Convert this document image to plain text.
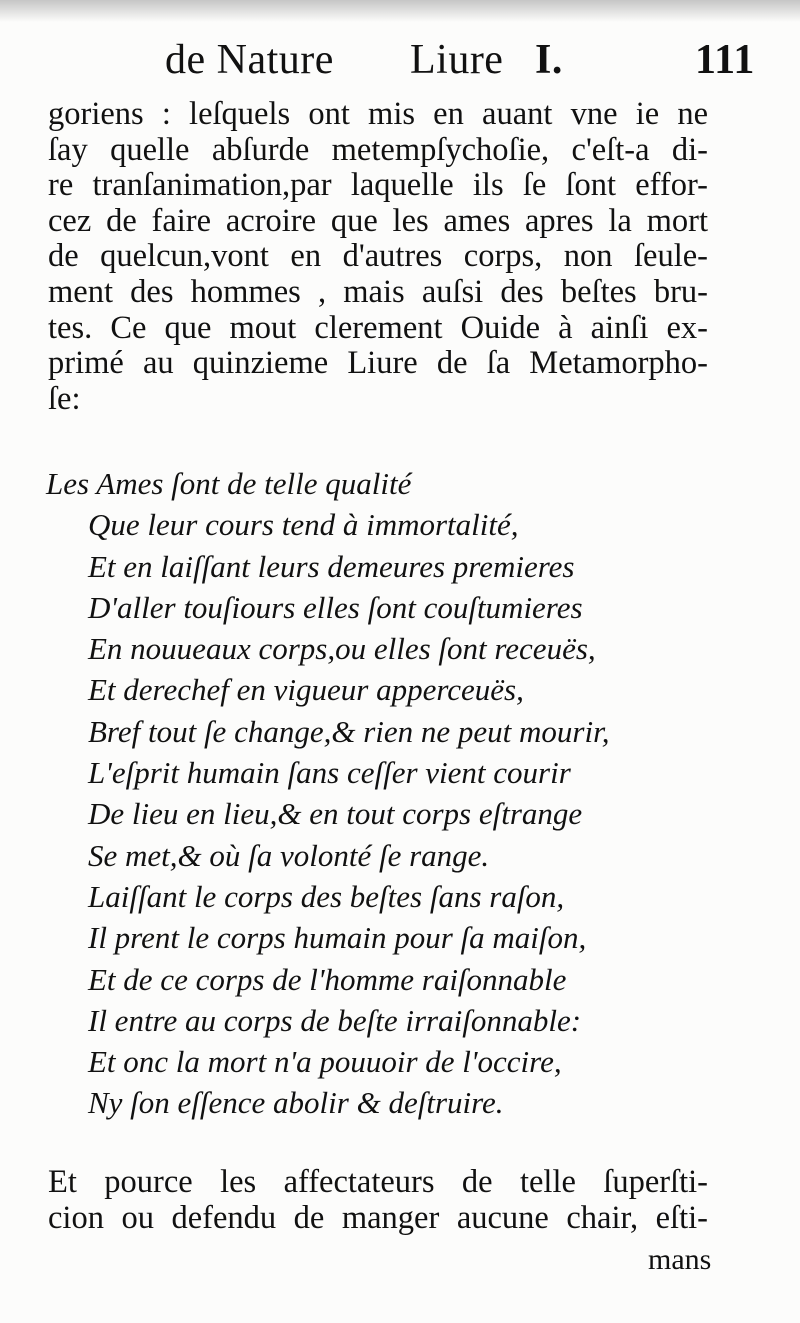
de Nature Liure I.	111

goriens : leſquels ont mis en auant vne ie ne
ſay quelle abſurde metempſychoſie, c'eſt-a di-
re tranſanimation,par laquelle ils ſe ſont effor-
cez de faire acroire que les ames apres la mort
de quelcun,vont en d'autres corps, non ſeule-
ment des hommes , mais auſsi des beſtes bru-
tes. Ce que mout clerement Ouide à ainſi ex-
primé au quinzieme Liure de ſa Metamorpho-
ſe:

Les Ames ſont de telle qualité
Que leur cours tend à immortalité,
Et en laiſſant leurs demeures premieres
D'aller touſiours elles ſont couſtumieres
En nouueaux corps,ou elles ſont receuës,
Et derechef en vigueur apperceuës,
Bref tout ſe change,& rien ne peut mourir,
L'eſprit humain ſans ceſſer vient courir
De lieu en lieu,& en tout corps eſtrange
Se met,& où ſa volonté ſe range.
Laiſſant le corps des beſtes ſans raſon,
Il prent le corps humain pour ſa maiſon,
Et de ce corps de l'homme raiſonnable
Il entre au corps de beſte irraiſonnable:
Et onc la mort n'a pouuoir de l'occire,
Ny ſon eſſence abolir & deſtruire.

Et pource les affectateurs de telle ſuperſti-
cion ou defendu de manger aucune chair, eſti-

mans
